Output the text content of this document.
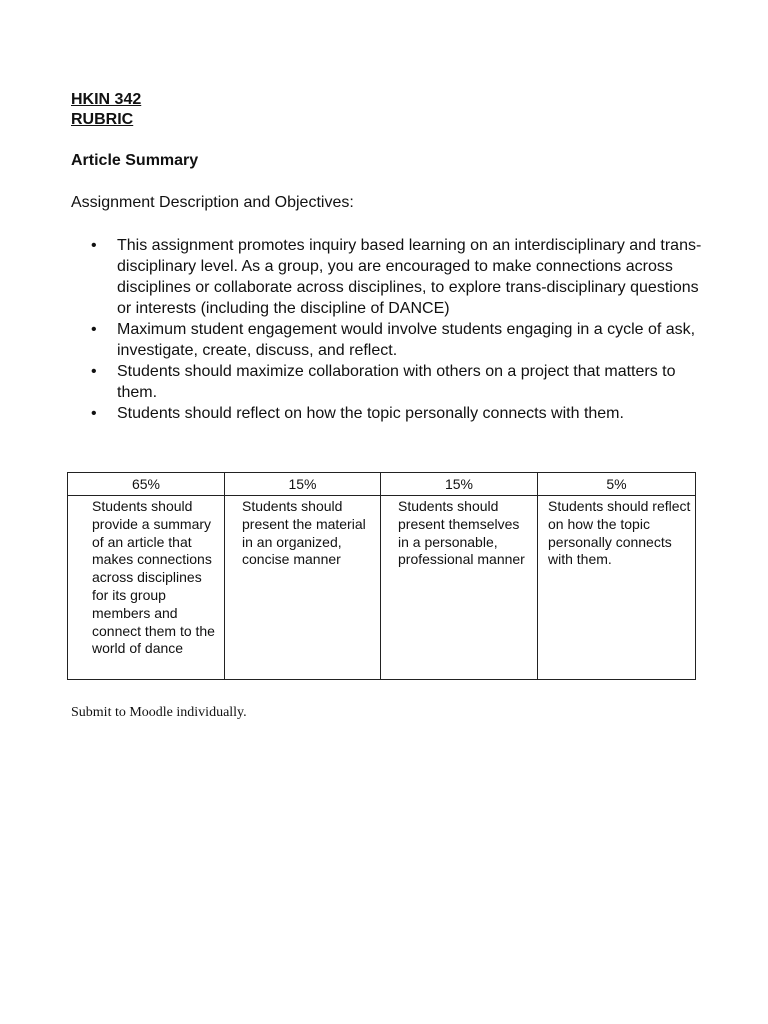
HKIN 342

RUBRIC

Article Summary

Assignment Description and Objectives:

• This assignment promotes inquiry based learning on an interdisciplinary and trans-disciplinary level. As a group, you are encouraged to make connections across disciplines or collaborate across disciplines, to explore trans-disciplinary questions or interests (including the discipline of DANCE)
• Maximum student engagement would involve students engaging in a cycle of ask, investigate, create, discuss, and reflect.
• Students should maximize collaboration with others on a project that matters to them.
• Students should reflect on how the topic personally connects with them.
65%	15%	15%	5%
Students should provide a summary of an article that makes connections across disciplines for its group members and connect them to the world of dance	Students should present the material in an organized, concise manner	Students should present themselves in a personable, professional manner	Students should reflect on how the topic personally connects with them.

Submit to Moodle individually.
